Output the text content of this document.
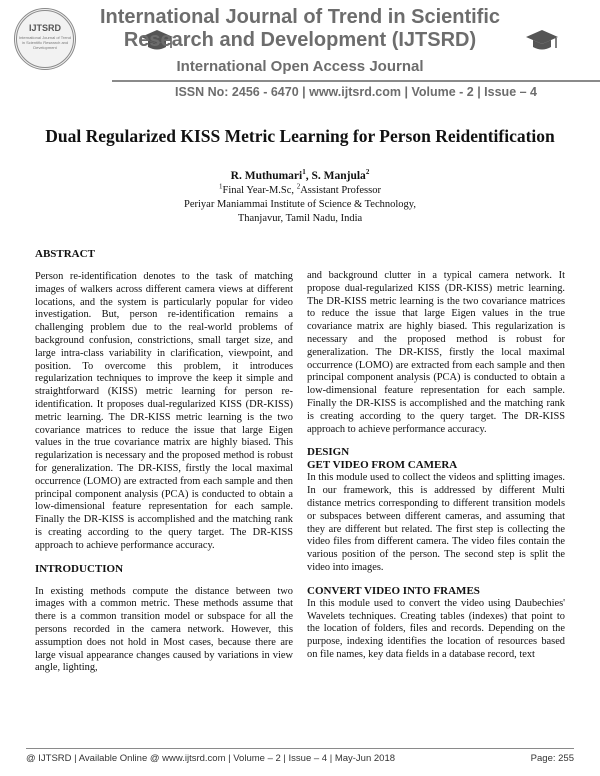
IJTSRD
International Journal of Trend in Scientific Research and Development
International Journal of Trend in Scientific
Research and Development (IJTSRD)
International Open Access Journal
ISSN No: 2456 - 6470 | www.ijtsrd.com | Volume - 2 | Issue – 4
Dual Regularized KISS Metric Learning for Person Reidentification
R. Muthumari$^1$, S. Manjula$^2$
$^1$Final Year-M.Sc, $^2$Assistant Professor
Periyar Maniammai Institute of Science & Technology,
Thanjavur, Tamil Nadu, India
ABSTRACT

Person re-identification denotes to the task of matching images of walkers across different camera views at different locations, and the system is particularly popular for video investigation. But, person re-identification remains a challenging problem due to the real-world problems of background confusion, constrictions, small target size, and large intra-class variability in clarification, viewpoint, and position. To overcome this problem, it introduces regularization techniques to improve the keep it simple and straightforward (KISS) metric learning for person re-identification. It proposes dual-regularized KISS (DR-KISS) metric learning. The DR-KISS metric learning is the two covariance matrices to reduce the issue that large Eigen values in the true covariance matrix are highly biased. This regularization is necessary and the proposed method is robust for generalization. The DR-KISS, firstly the local maximal occurrence (LOMO) are extracted from each sample and then principal component analysis (PCA) is conducted to obtain a low-dimensional feature representation for each sample. Finally the DR-KISS is accomplished and the matching rank is creating according to the query target. The DR-KISS approach to achieve performance accuracy.

INTRODUCTION

In existing methods compute the distance between two images with a common metric. These methods assume that there is a common transition model or subspace for all the persons recorded in the camera network. However, this assumption does not hold in Most cases, because there are large visual appearance changes caused by variations in view angle, lighting,

and background clutter in a typical camera network. It propose dual-regularized KISS (DR-KISS) metric learning. The DR-KISS metric learning is the two covariance matrices to reduce the issue that large Eigen values in the true covariance matrix are highly biased. This regularization is necessary and the proposed method is robust for generalization. The DR-KISS, firstly the local maximal occurrence (LOMO) are extracted from each sample and then principal component analysis (PCA) is conducted to obtain a low-dimensional feature representation for each sample. Finally the DR-KISS is accomplished and the matching rank is creating according to the query target. The DR-KISS approach to achieve performance accuracy.

DESIGN
GET VIDEO FROM CAMERA

In this module used to collect the videos and splitting images. In our framework, this is addressed by different Multi distance metrics corresponding to different transition models or subspaces between different cameras, and assuming that they are different but related. The first step is collecting the video files from different camera. The video files contain the various position of the person. The second step is split the video into images.

CONVERT VIDEO INTO FRAMES

In this module used to convert the video using Daubechies' Wavelets techniques. Creating tables (indexes) that point to the location of folders, files and records. Depending on the purpose, indexing identifies the location of resources based on file names, key data fields in a database record, text

@ IJTSRD | Available Online @ www.ijtsrd.com | Volume – 2 | Issue – 4 | May-Jun 2018	Page: 255
